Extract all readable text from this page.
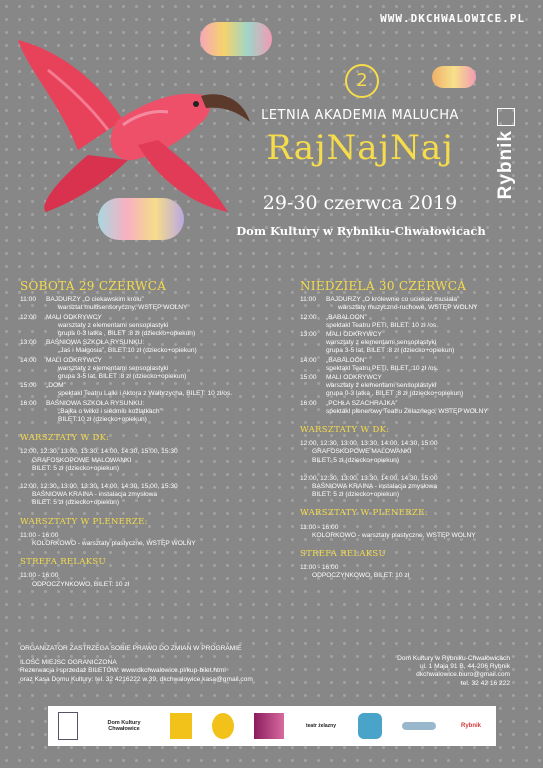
WWW.DKCHWALOWICE.PL
2
LETNIA AKADEMIA MALUCHA
RajNajNaj
29-30 czerwca 2019
Dom Kultury w Rybniku-Chwałowicach
Rybnik
SOBOTA 29 CZERWCA
11:00	BAJDURZY „O ciekawskim królu”
warsztat multisensoryczny, WSTĘP WOLNY
12:00	MALI ODKRYWCY
warsztaty z elementami sensoplastyki
grupa 0-3 latka , BILET :8 zł (dziecko+opiekun)
13:00	BAŚNIOWA SZKOŁA RYSUNKU:
„Jaś i Małgosia”, BILET:10 zł (dziecko+opiekun)
14:00	MALI ODKRYWCY
warsztaty z elementami sensoplastyki
grupa 3-5 lat, BILET :8 zł (dziecko+opiekun)
15:00	„DOM”
spektakl Teatru Lalki i Aktora z Wałbrzycha, BILET: 10 zł/os.
16:00	BAŚNIOWA SZKOŁA RYSUNKU:
„Bajka o wilku i siedmiu koźlątkach”
BILET:10 zł (dziecko+opiekun)
WARSZTATY W DK:
12:00, 12:30, 13:00, 13:30, 14:00, 14:30, 15:00, 15:30
GRAFOSKOPOWE MALOWANKI
BILET: 5 zł (dziecko+opiekun)
12:00, 12:30, 13:00, 13:30, 14:00, 14:30, 15:00, 15:30
BAŚNIOWA KRAINA - instalacja zmysłowa
BILET: 5 zł (dziecko+opiekun)
WARSZTATY W PLENERZE:
11:00 - 16:00
KOLORKOWO - warsztaty plastyczne, WSTĘP WOLNY
STREFA RELAKSU
11:00 - 16:00
ODPOCZYNKOWO, BILET: 10 zł
NIEDZIELA 30 CZERWCA
11:00	BAJDURZY „O królewnie co uciekać musiała”
warsztaty muzyczno-ruchowe, WSTĘP WOLNY
12:00	„BABALOON”
spektakl Teatru PETI, BILET: 10 zł /os.
13:00	MALI ODKRYWCY
warsztaty z elementami sensoplastyki
grupa 3-5 lat, BILET :8 zł (dziecko+opiekun)
14:00	„BABALOON”
spektakl Teatru PETI, BILET :10 zł /os.
15:00	MALI ODKRYWCY
warsztaty z elementami sensoplastyki
grupa 0-3 latka , BILET :8 zł (dziecko+opiekun)
16:00	„PCHŁA SZACHRAJKA”
spektakl plenerowy Teatru Żelaznego, WSTĘP WOLNY
WARSZTATY W DK:
12:00, 12:30, 13:00, 13:30, 14:00, 14:30, 15:00
GRAFOSKOPOWE MALOWANKI
BILET: 5 zł (dziecko+opiekun)
12:00, 12:30, 13:00, 13:30, 14:00, 14:30, 15:00
BAŚNIOWA KRAINA - instalacja zmysłowa
BILET: 5 zł (dziecko+opiekun)
WARSZTATY W PLENERZE:
11:00 - 16:00
KOLORKOWO - warsztaty plastyczne, WSTĘP WOLNY
STREFA RELAKSU
11:00 - 16:00
ODPOCZYNKOWO, BILET: 10 zł
ORGANIZATOR ZASTRZEGA SOBIE PRAWO DO ZMIAN W PROGRAMIE
ILOŚĆ MIEJSC OGRANICZONA
Rezerwacja i sprzedaż BILETÓW: www.dkchwalowice.pl/kup-bilet.html
oraz Kasa Domu Kultury: tel. 32 4216222 w.39, dkchwalowice.kasa@gmail.com
Dom Kultury w Rybniku-Chwałowicach
ul. 1 Maja 91 B, 44-206 Rybnik
dkchwalowice.biuro@gmail.com
tel. 32 42 16 222
Dom Kultury Chwałowice	teatr żelazny	Rybnik
